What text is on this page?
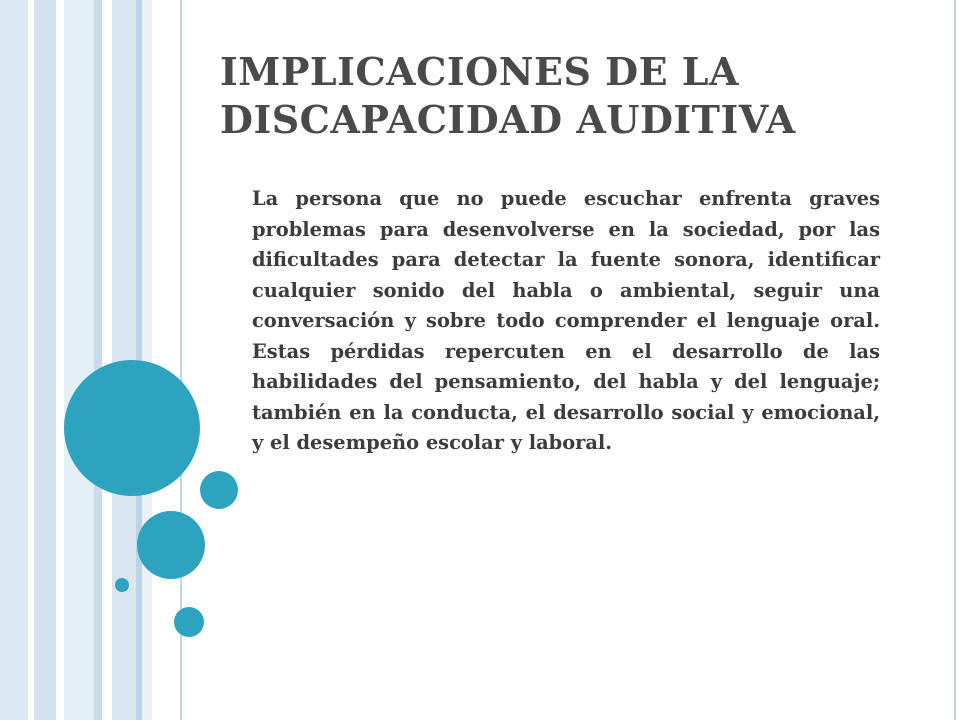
IMPLICACIONES DE LA
DISCAPACIDAD AUDITIVA

La persona que no puede escuchar enfrenta graves problemas para desenvolverse en la sociedad, por las dificultades para detectar la fuente sonora, identificar cualquier sonido del habla o ambiental, seguir una conversación y sobre todo comprender el lenguaje oral. Estas pérdidas repercuten en el desarrollo de las habilidades del pensamiento, del habla y del lenguaje; también en la conducta, el desarrollo social y emocional, y el desempeño escolar y laboral.
